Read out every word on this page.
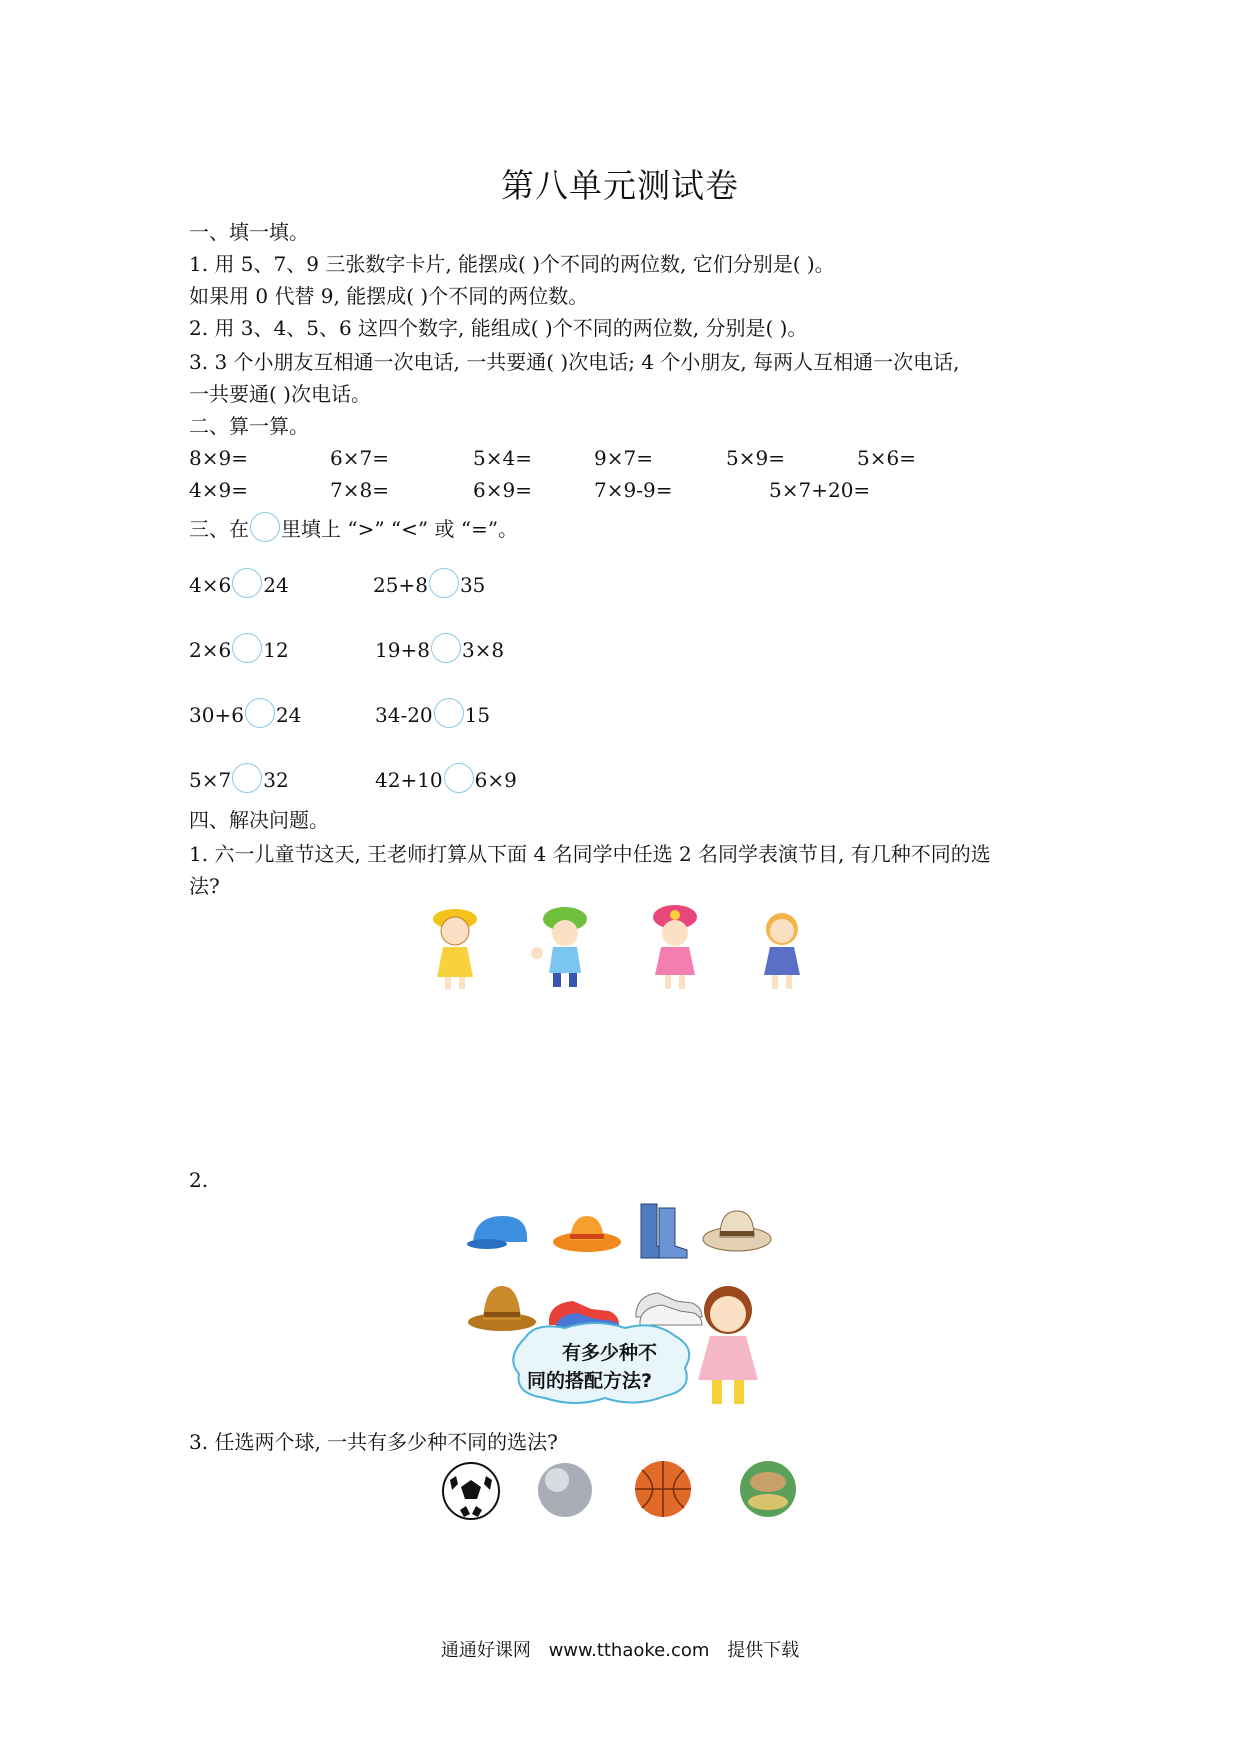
第八单元测试卷
一、填一填。
1. 用 5、7、9 三张数字卡片, 能摆成( )个不同的两位数, 它们分别是( )。
如果用 0 代替 9, 能摆成( )个不同的两位数。
2. 用 3、4、5、6 这四个数字, 能组成( )个不同的两位数, 分别是( )。
3. 3 个小朋友互相通一次电话, 一共要通( )次电话; 4 个小朋友, 每两人互相通一次电话,
一共要通( )次电话。
二、算一算。
8×9=	6×7=	5×4=	9×7=	5×9=	5×6=
4×9=	7×8=	6×9=	7×9-9=	5×7+20=
三、在 里填上 “>” “<” 或 “=”。
4×6 24	25+8 35
2×6 12	19+8 3×8
30+6 24	34-20 15
5×7 32	42+10 6×9
四、解决问题。
1. 六一儿童节这天, 王老师打算从下面 4 名同学中任选 2 名同学表演节目, 有几种不同的选
法?
2.
有多少种不
同的搭配方法?
3. 任选两个球, 一共有多少种不同的选法?
通通好课网 www.tthaoke.com 提供下载
